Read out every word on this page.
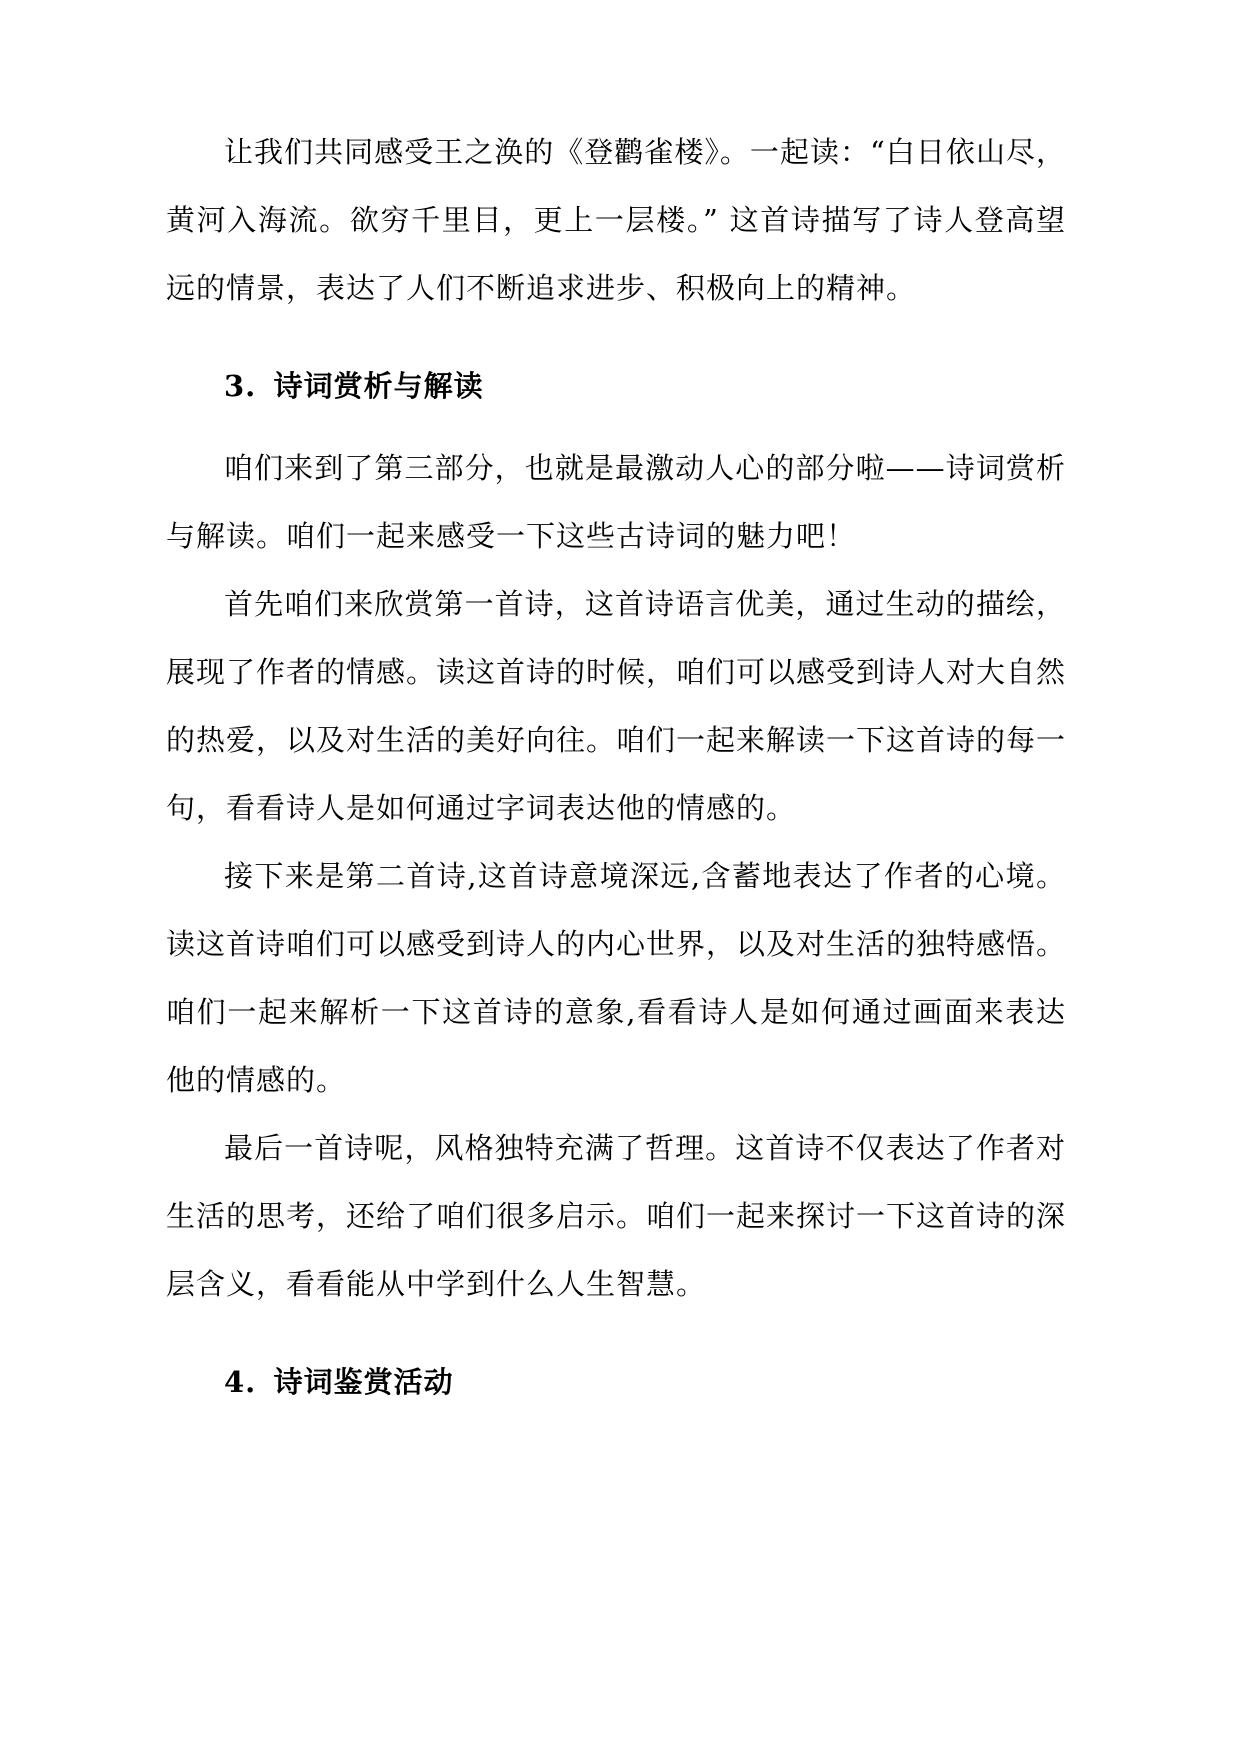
让我们共同感受王之涣的《登鹳雀楼》。一起读：“白日依山尽，黄河入海流。欲穷千里目，更上一层楼。” 这首诗描写了诗人登高望远的情景，表达了人们不断追求进步、积极向上的精神。

3. 诗词赏析与解读

咱们来到了第三部分，也就是最激动人心的部分啦——诗词赏析与解读。咱们一起来感受一下这些古诗词的魅力吧！

首先咱们来欣赏第一首诗，这首诗语言优美，通过生动的描绘，展现了作者的情感。读这首诗的时候，咱们可以感受到诗人对大自然的热爱，以及对生活的美好向往。咱们一起来解读一下这首诗的每一句，看看诗人是如何通过字词表达他的情感的。

接下来是第二首诗,这首诗意境深远,含蓄地表达了作者的心境。读这首诗咱们可以感受到诗人的内心世界，以及对生活的独特感悟。咱们一起来解析一下这首诗的意象,看看诗人是如何通过画面来表达他的情感的。

最后一首诗呢，风格独特充满了哲理。这首诗不仅表达了作者对生活的思考，还给了咱们很多启示。咱们一起来探讨一下这首诗的深层含义，看看能从中学到什么人生智慧。

4. 诗词鉴赏活动
